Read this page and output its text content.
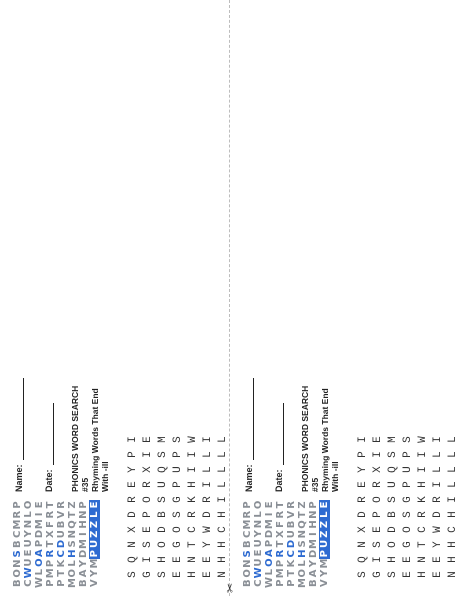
B
O
N
S
B
C
M
R
P
C
W
U
E
U
Y
N
L
O
W
L
O
A
P
D
M
I
E
P
M
P
R
T
X
F
R
T
P
T
K
C
D
U
B
V
R
M
O
L
H
S
N
Q
T
Z
B
A
Y
D
M
I
H
N
P
V
Y
M
P
U
Z
Z
L
E
Name: Date: PHONICS WORD SEARCH #35 Rhyming Words That End With -ill
S
Q
N
X
D
R
E
Y
P
I
G
I
S
E
P
O
R
X
I
E
S
H
O
D
B
S
U
Q
S
M
E
E
G
O
S
G
P
U
P
S
H
N
T
C
R
K
H
I
I
W
E
E
Y
W
D
R
I
L
L
I
N
H
H
C
H
I
L
L
L
L
✂ B
O
N
S
B
C
M
R
P
C
W
U
E
U
Y
N
L
O
W
L
O
A
P
D
M
I
E
P
M
P
R
T
X
F
R
T
P
T
K
C
D
U
B
V
R
M
O
L
H
S
N
Q
T
Z
B
A
Y
D
M
I
H
N
P
V
Y
M
P
U
Z
Z
L
E
Name: Date: PHONICS WORD SEARCH #35 Rhyming Words That End With -ill
S
Q
N
X
D
R
E
Y
P
I
G
I
S
E
P
O
R
X
I
E
S
H
O
D
B
S
U
Q
S
M
E
E
G
O
S
G
P
U
P
S
H
N
T
C
R
K
H
I
I
W
E
E
Y
W
D
R
I
L
L
I
N
H
H
C
H
I
L
L
L
L
